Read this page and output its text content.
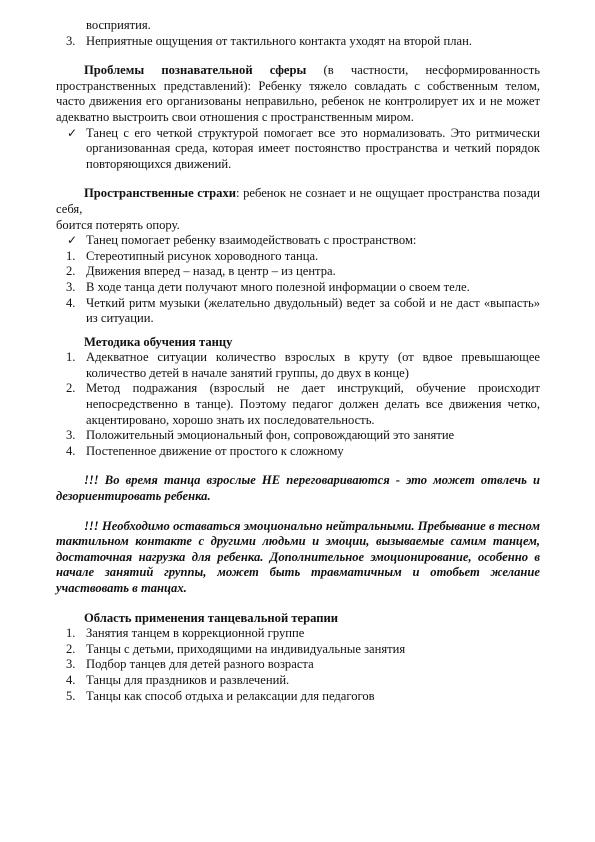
восприятия.

3. Неприятные ощущения от тактильного контакта уходят на второй план.

Проблемы познавательной сферы (в частности, несформированность пространственных представлений): Ребенку тяжело совладать с собственным телом, часто движения его организованы неправильно, ребенок не контролирует их и не может адекватно выстроить свои отношения с пространственным миром.

✓ Танец с его четкой структурой помогает все это нормализовать. Это ритмически организованная среда, которая имеет постоянство пространства и четкий порядок повторяющихся движений.

Пространственные страхи: ребенок не сознает и не ощущает пространства позади себя,

боится потерять опору.

✓ Танец помогает ребенку взаимодействовать с пространством:
1. Стереотипный рисунок хороводного танца.
2. Движения вперед – назад, в центр – из центра.
3. В ходе танца дети получают много полезной информации о своем теле.
4. Четкий ритм музыки (желательно двудольный) ведет за собой и не даст «выпасть» из ситуации.

Методика обучения танцу

1. Адекватное ситуации количество взрослых в круту (от вдвое превышающее количество детей в начале занятий группы, до двух в конце)
2. Метод подражания (взрослый не дает инструкций, обучение происходит непосредственно в танце). Поэтому педагог должен делать все движения четко, акцентировано, хорошо знать их последовательность.
3. Положительный эмоциональный фон, сопровождающий это занятие
4. Постепенное движение от простого к сложному

!!! Во время танца взрослые НЕ переговариваются - это может отвлечь и дезориентировать ребенка.

!!! Необходимо оставаться эмоционально нейтральными. Пребывание в тесном тактильном контакте с другими людьми и эмоции, вызываемые самим танцем, достаточная нагрузка для ребенка. Дополнительное эмоционирование, особенно в начале занятий группы, может быть травматичным и отобьет желание участвовать в танцах.

Область применения танцевальной терапии

1. Занятия танцем в коррекционной группе
2. Танцы с детьми, приходящими на индивидуальные занятия
3. Подбор танцев для детей разного возраста
4. Танцы для праздников и развлечений.
5. Танцы как способ отдыха и релаксации для педагогов
